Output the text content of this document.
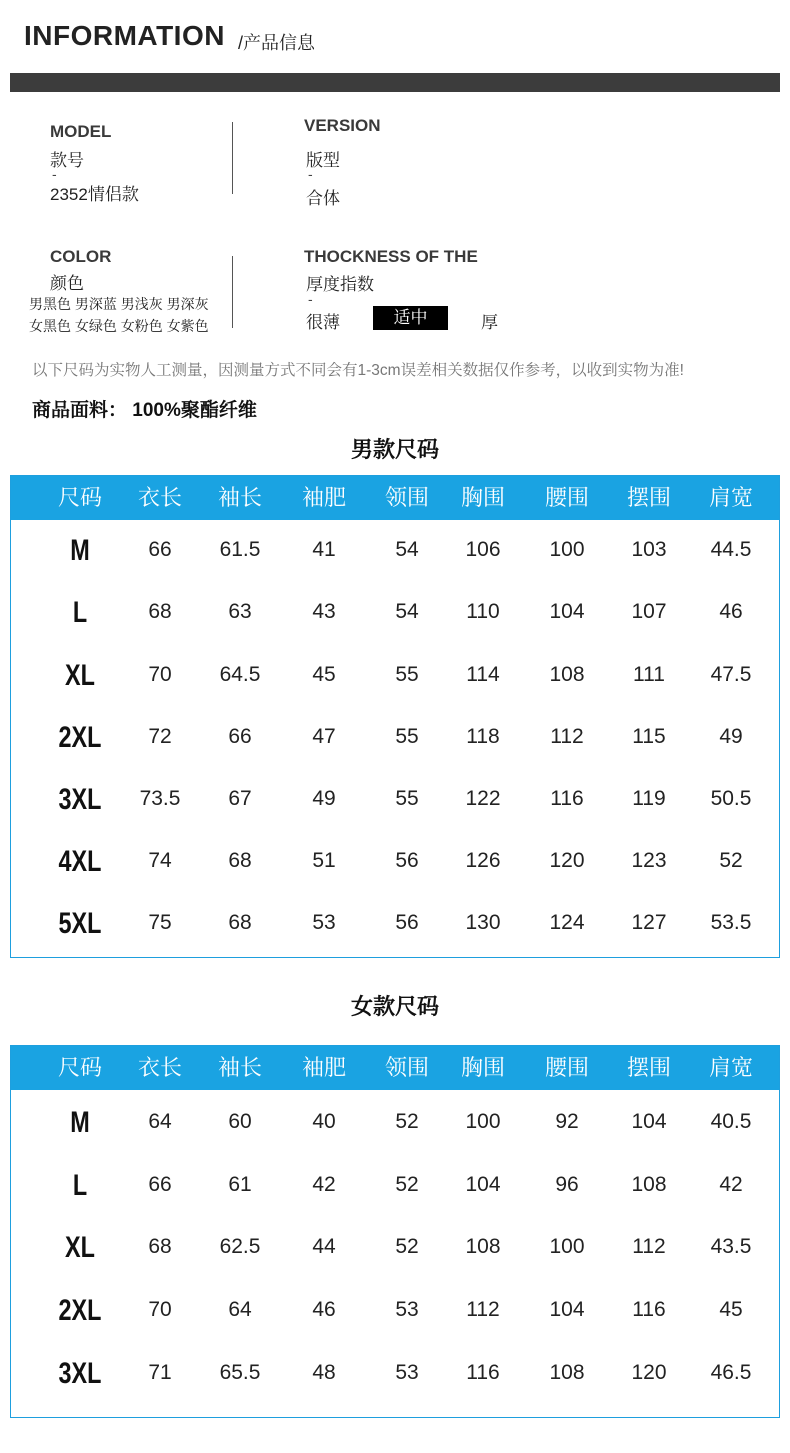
INFORMATION /产品信息
MODEL
款号
-
2352情侣款
VERSION
版型
-
合体
COLOR
颜色
男黑色 男深蓝 男浅灰 男深灰
女黑色 女绿色 女粉色 女紫色
THOCKNESS OF THE
厚度指数
-
很薄	适中	厚
以下尺码为实物人工测量，因测量方式不同会有1-3cm误差相关数据仅作参考，以收到实物为准!
商品面料： 100%聚酯纤维
男款尺码
尺码	衣长	袖长	袖肥	领围	胸围	腰围	摆围	肩宽
M	66	61.5	41	54	106	100	103	44.5
L	68	63	43	54	110	104	107	46
XL	70	64.5	45	55	114	108	111	47.5
2XL	72	66	47	55	118	112	115	49
3XL	73.5	67	49	55	122	116	119	50.5
4XL	74	68	51	56	126	120	123	52
5XL	75	68	53	56	130	124	127	53.5
女款尺码
尺码	衣长	袖长	袖肥	领围	胸围	腰围	摆围	肩宽
M	64	60	40	52	100	92	104	40.5
L	66	61	42	52	104	96	108	42
XL	68	62.5	44	52	108	100	112	43.5
2XL	70	64	46	53	112	104	116	45
3XL	71	65.5	48	53	116	108	120	46.5
